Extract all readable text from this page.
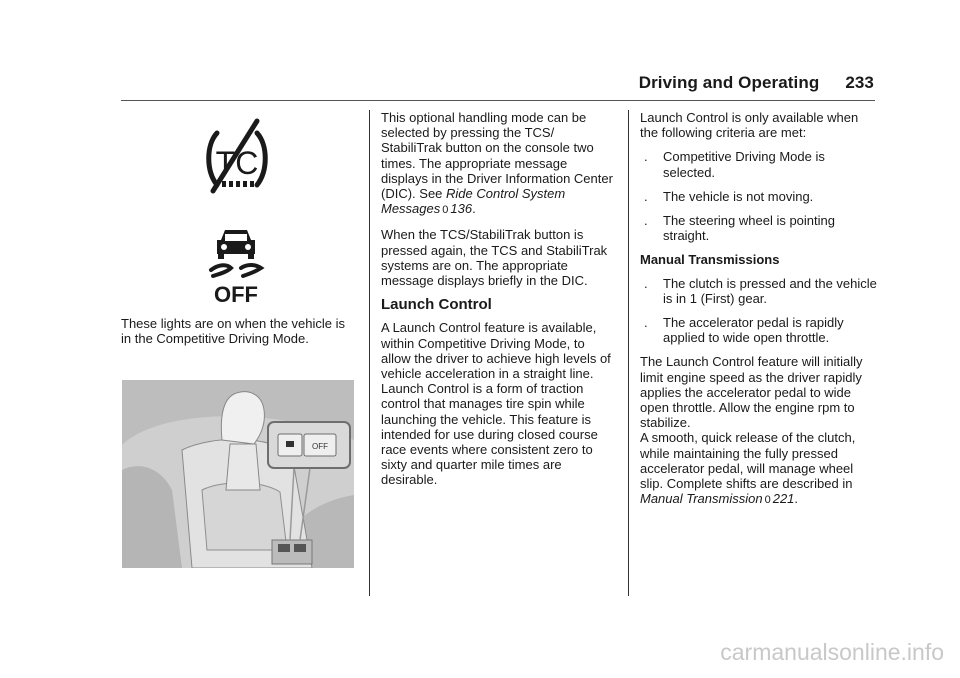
Driving and Operating 233
TC
OFF

These lights are on when the vehicle is in the Competitive Driving Mode.

OFF

This optional handling mode can be selected by pressing the TCS/ StabiliTrak button on the console two times. The appropriate message displays in the Driver Information Center (DIC). See Ride Control System Messages 0 136.

When the TCS/StabiliTrak button is pressed again, the TCS and StabiliTrak systems are on. The appropriate message displays briefly in the DIC.

Launch Control

A Launch Control feature is available, within Competitive Driving Mode, to allow the driver to achieve high levels of vehicle acceleration in a straight line. Launch Control is a form of traction control that manages tire spin while launching the vehicle. This feature is intended for use during closed course race events where consistent zero to sixty and quarter mile times are desirable.

Launch Control is only available when the following criteria are met:

.	Competitive Driving Mode is selected.
.	The vehicle is not moving.
.	The steering wheel is pointing straight.
Manual Transmissions
.	The clutch is pressed and the vehicle is in 1 (First) gear.
.	The accelerator pedal is rapidly applied to wide open throttle.

The Launch Control feature will initially limit engine speed as the driver rapidly applies the accelerator pedal to wide open throttle. Allow the engine rpm to stabilize.

A smooth, quick release of the clutch, while maintaining the fully pressed accelerator pedal, will manage wheel slip. Complete shifts are described in Manual Transmission 0 221.

carmanualsonline.info
